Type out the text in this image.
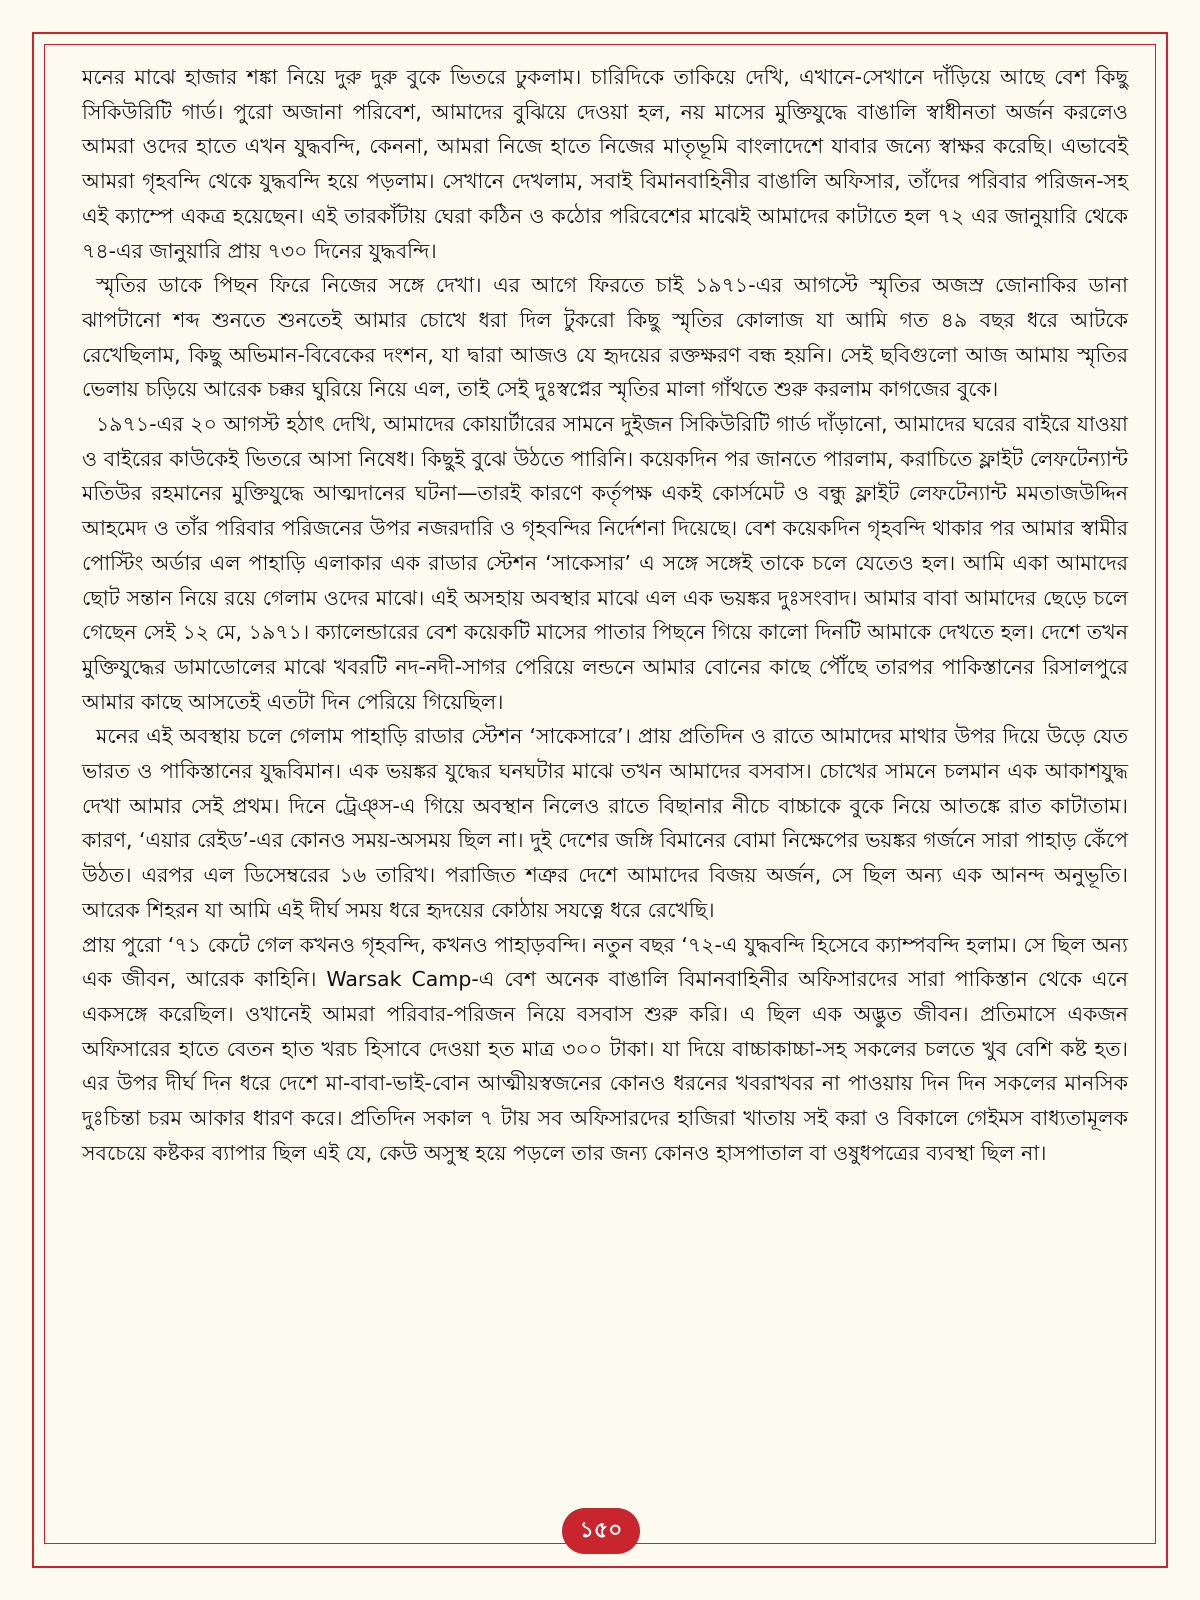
মনের মাঝে হাজার শঙ্কা নিয়ে দুরু দুরু বুকে ভিতরে ঢুকলাম। চারিদিকে তাকিয়ে দেখি, এখানে-সেখানে দাঁড়িয়ে আছে বেশ কিছু সিকিউরিটি গার্ড। পুরো অজানা পরিবেশ, আমাদের বুঝিয়ে দেওয়া হল, নয় মাসের মুক্তিযুদ্ধে বাঙালি স্বাধীনতা অর্জন করলেও আমরা ওদের হাতে এখন যুদ্ধবন্দি, কেননা, আমরা নিজে হাতে নিজের মাতৃভূমি বাংলাদেশে যাবার জন্যে স্বাক্ষর করেছি। এভাবেই আমরা গৃহবন্দি থেকে যুদ্ধবন্দি হয়ে পড়লাম। সেখানে দেখলাম, সবাই বিমানবাহিনীর বাঙালি অফিসার, তাঁদের পরিবার পরিজন-সহ এই ক্যাম্পে একত্র হয়েছেন। এই তারকাঁটায় ঘেরা কঠিন ও কঠোর পরিবেশের মাঝেই আমাদের কাটাতে হল ৭২ এর জানুয়ারি থেকে ৭৪-এর জানুয়ারি প্রায় ৭৩০ দিনের যুদ্ধবন্দি।

স্মৃতির ডাকে পিছন ফিরে নিজের সঙ্গে দেখা। এর আগে ফিরতে চাই ১৯৭১-এর আগস্টে স্মৃতির অজস্র জোনাকির ডানা ঝাপটানো শব্দ শুনতে শুনতেই আমার চোখে ধরা দিল টুকরো কিছু স্মৃতির কোলাজ যা আমি গত ৪৯ বছর ধরে আটকে রেখেছিলাম, কিছু অভিমান-বিবেকের দংশন, যা দ্বারা আজও যে হৃদয়ের রক্তক্ষরণ বন্ধ হয়নি। সেই ছবিগুলো আজ আমায় স্মৃতির ভেলায় চড়িয়ে আরেক চক্কর ঘুরিয়ে নিয়ে এল, তাই সেই দুঃস্বপ্নের স্মৃতির মালা গাঁথতে শুরু করলাম কাগজের বুকে।

১৯৭১-এর ২০ আগস্ট হঠাৎ দেখি, আমাদের কোয়ার্টারের সামনে দুইজন সিকিউরিটি গার্ড দাঁড়ানো, আমাদের ঘরের বাইরে যাওয়া ও বাইরের কাউকেই ভিতরে আসা নিষেধ। কিছুই বুঝে উঠতে পারিনি। কয়েকদিন পর জানতে পারলাম, করাচিতে ফ্লাইট লেফটেন্যান্ট মতিউর রহমানের মুক্তিযুদ্ধে আত্মদানের ঘটনা—তারই কারণে কর্তৃপক্ষ একই কোর্সমেট ও বন্ধু ফ্লাইট লেফটেন্যান্ট মমতাজউদ্দিন আহমেদ ও তাঁর পরিবার পরিজনের উপর নজরদারি ও গৃহবন্দির নির্দেশনা দিয়েছে। বেশ কয়েকদিন গৃহবন্দি থাকার পর আমার স্বামীর পোস্টিং অর্ডার এল পাহাড়ি এলাকার এক রাডার স্টেশন ‘সাকেসার’ এ সঙ্গে সঙ্গেই তাকে চলে যেতেও হল। আমি একা আমাদের ছোট সন্তান নিয়ে রয়ে গেলাম ওদের মাঝে। এই অসহায় অবস্থার মাঝে এল এক ভয়ঙ্কর দুঃসংবাদ। আমার বাবা আমাদের ছেড়ে চলে গেছেন সেই ১২ মে, ১৯৭১। ক্যালেন্ডারের বেশ কয়েকটি মাসের পাতার পিছনে গিয়ে কালো দিনটি আমাকে দেখতে হল। দেশে তখন মুক্তিযুদ্ধের ডামাডোলের মাঝে খবরটি নদ-নদী-সাগর পেরিয়ে লন্ডনে আমার বোনের কাছে পৌঁছে তারপর পাকিস্তানের রিসালপুরে আমার কাছে আসতেই এতটা দিন পেরিয়ে গিয়েছিল।

মনের এই অবস্থায় চলে গেলাম পাহাড়ি রাডার স্টেশন ‘সাকেসারে’। প্রায় প্রতিদিন ও রাতে আমাদের মাথার উপর দিয়ে উড়ে যেত ভারত ও পাকিস্তানের যুদ্ধবিমান। এক ভয়ঙ্কর যুদ্ধের ঘনঘটার মাঝে তখন আমাদের বসবাস। চোখের সামনে চলমান এক আকাশযুদ্ধ দেখা আমার সেই প্রথম। দিনে ট্রেঞ্স-এ গিয়ে অবস্থান নিলেও রাতে বিছানার নীচে বাচ্চাকে বুকে নিয়ে আতঙ্কে রাত কাটাতাম। কারণ, ‘এয়ার রেইড’-এর কোনও সময়-অসময় ছিল না। দুই দেশের জঙ্গি বিমানের বোমা নিক্ষেপের ভয়ঙ্কর গর্জনে সারা পাহাড় কেঁপে উঠত। এরপর এল ডিসেম্বরের ১৬ তারিখ। পরাজিত শত্রুর দেশে আমাদের বিজয় অর্জন, সে ছিল অন্য এক আনন্দ অনুভূতি। আরেক শিহরন যা আমি এই দীর্ঘ সময় ধরে হৃদয়ের কোঠায় সযত্নে ধরে রেখেছি।

প্রায় পুরো ‘৭১ কেটে গেল কখনও গৃহবন্দি, কখনও পাহাড়বন্দি। নতুন বছর ‘৭২-এ যুদ্ধবন্দি হিসেবে ক্যাম্পবন্দি হলাম। সে ছিল অন্য এক জীবন, আরেক কাহিনি। Warsak Camp-এ বেশ অনেক বাঙালি বিমানবাহিনীর অফিসারদের সারা পাকিস্তান থেকে এনে একসঙ্গে করেছিল। ওখানেই আমরা পরিবার-পরিজন নিয়ে বসবাস শুরু করি। এ ছিল এক অদ্ভুত জীবন। প্রতিমাসে একজন অফিসারের হাতে বেতন হাত খরচ হিসাবে দেওয়া হত মাত্র ৩০০ টাকা। যা দিয়ে বাচ্চাকাচ্চা-সহ সকলের চলতে খুব বেশি কষ্ট হত। এর উপর দীর্ঘ দিন ধরে দেশে মা-বাবা-ভাই-বোন আত্মীয়স্বজনের কোনও ধরনের খবরাখবর না পাওয়ায় দিন দিন সকলের মানসিক দুঃচিন্তা চরম আকার ধারণ করে। প্রতিদিন সকাল ৭ টায় সব অফিসারদের হাজিরা খাতায় সই করা ও বিকালে গেইমস বাধ্যতামূলক সবচেয়ে কষ্টকর ব্যাপার ছিল এই যে, কেউ অসুস্থ হয়ে পড়লে তার জন্য কোনও হাসপাতাল বা ওষুধপত্রের ব্যবস্থা ছিল না।

১৫০
